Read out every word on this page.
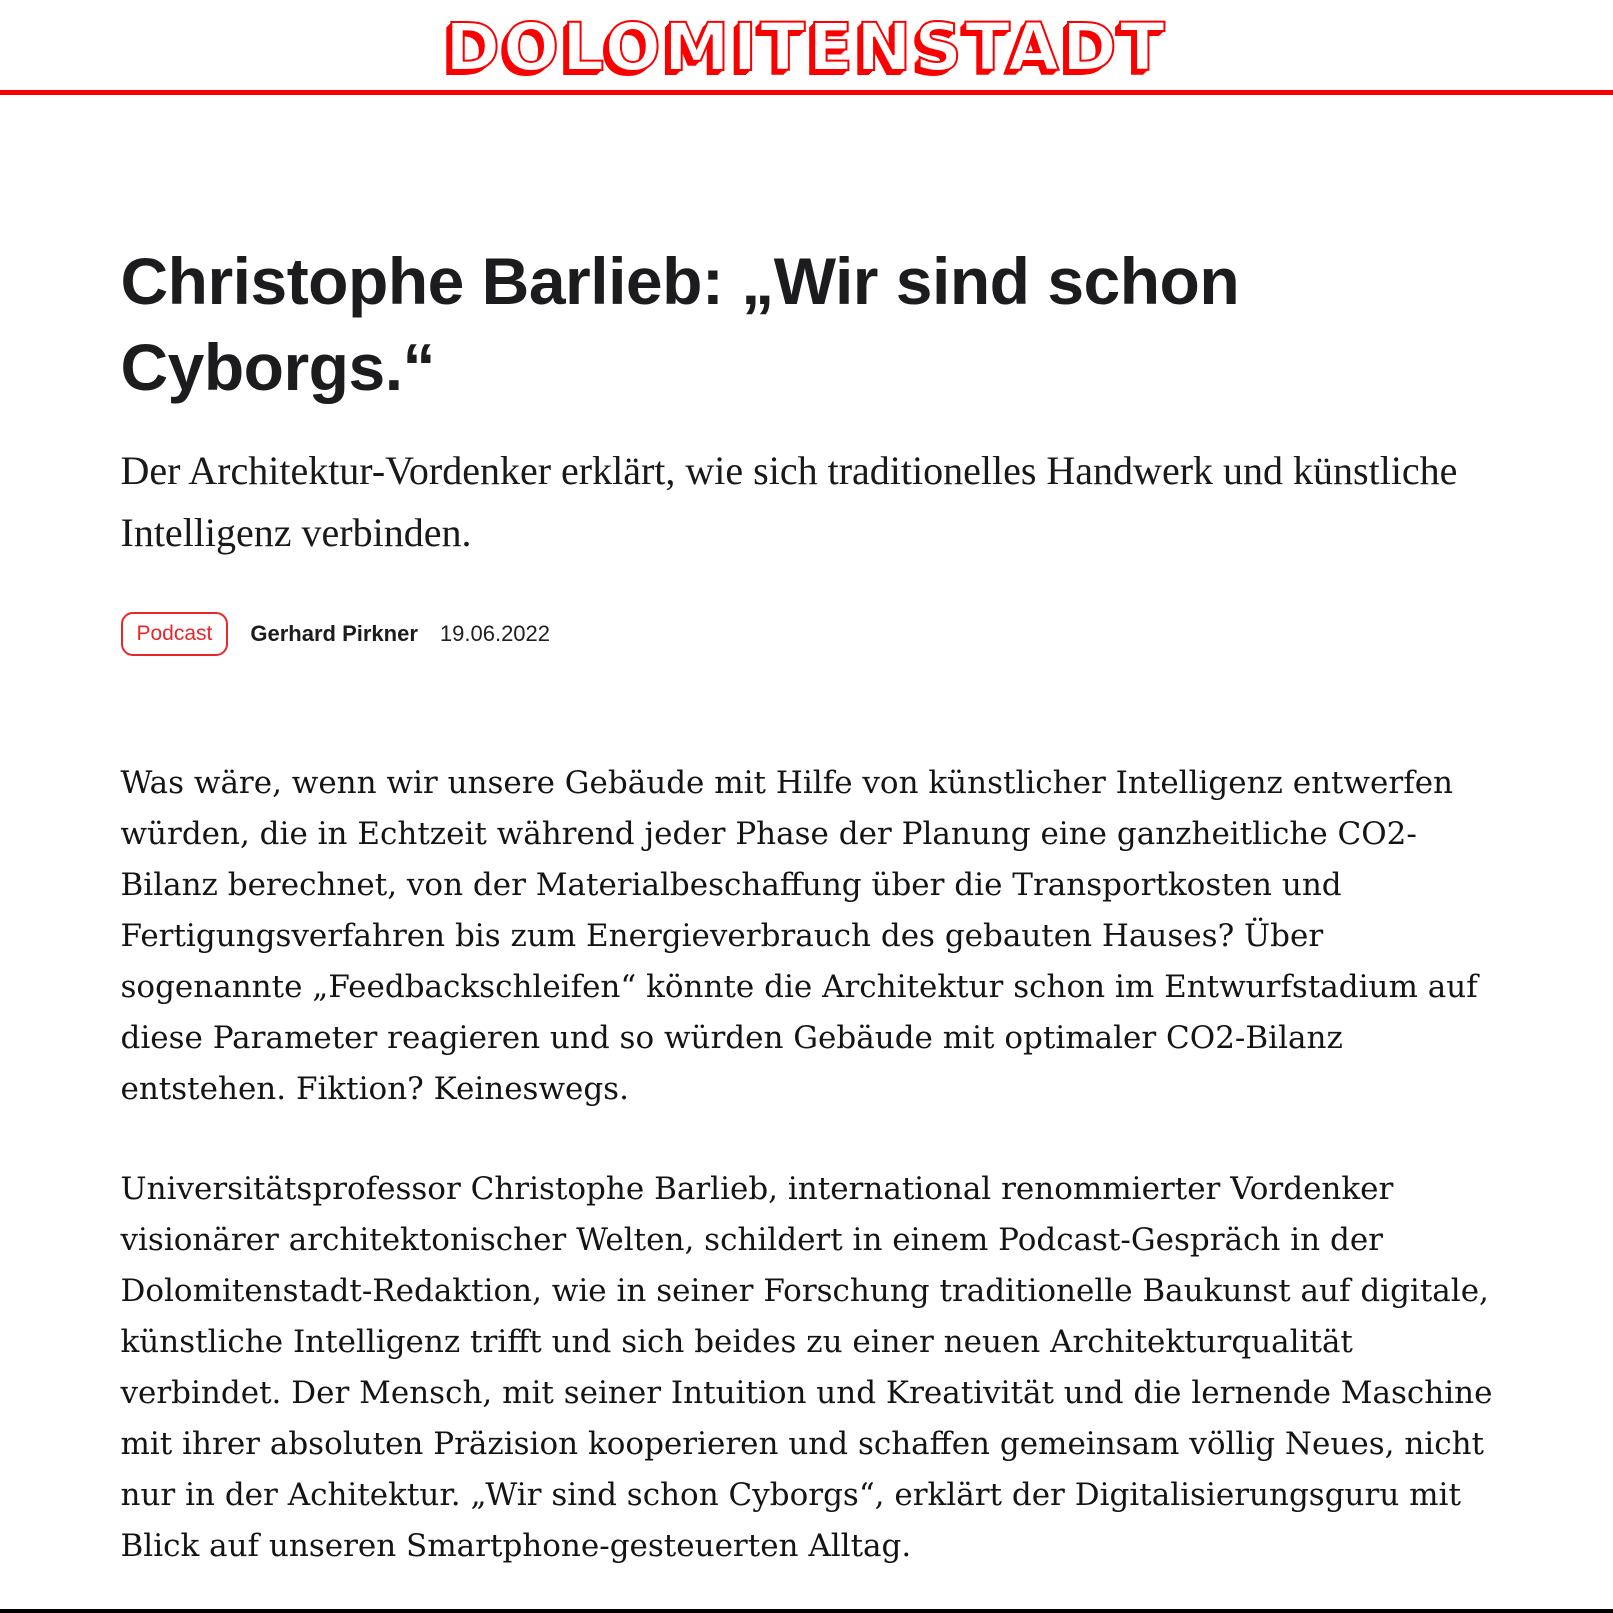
DOLOMITENSTADT
Christophe Barlieb: „Wir sind schon Cyborgs.“

Der Architektur-Vordenker erklärt, wie sich traditionelles Handwerk und künstliche Intelligenz verbinden.

Podcast	Gerhard Pirkner 19.06.2022

Was wäre, wenn wir unsere Gebäude mit Hilfe von künstlicher Intelligenz entwerfen würden, die in Echtzeit während jeder Phase der Planung eine ganzheitliche CO2-Bilanz berechnet, von der Materialbeschaffung über die Transportkosten und Fertigungsverfahren bis zum Energieverbrauch des gebauten Hauses? Über sogenannte „Feedbackschleifen“ könnte die Architektur schon im Entwurfstadium auf diese Parameter reagieren und so würden Gebäude mit optimaler CO2-Bilanz entstehen. Fiktion? Keineswegs.

Universitätsprofessor Christophe Barlieb, international renommierter Vordenker visionärer architektonischer Welten, schildert in einem Podcast-Gespräch in der Dolomitenstadt-Redaktion, wie in seiner Forschung traditionelle Baukunst auf digitale, künstliche Intelligenz trifft und sich beides zu einer neuen Architekturqualität verbindet. Der Mensch, mit seiner Intuition und Kreativität und die lernende Maschine mit ihrer absoluten Präzision kooperieren und schaffen gemeinsam völlig Neues, nicht nur in der Achitektur. „Wir sind schon Cyborgs“, erklärt der Digitalisierungsguru mit Blick auf unseren Smartphone-gesteuerten Alltag.
